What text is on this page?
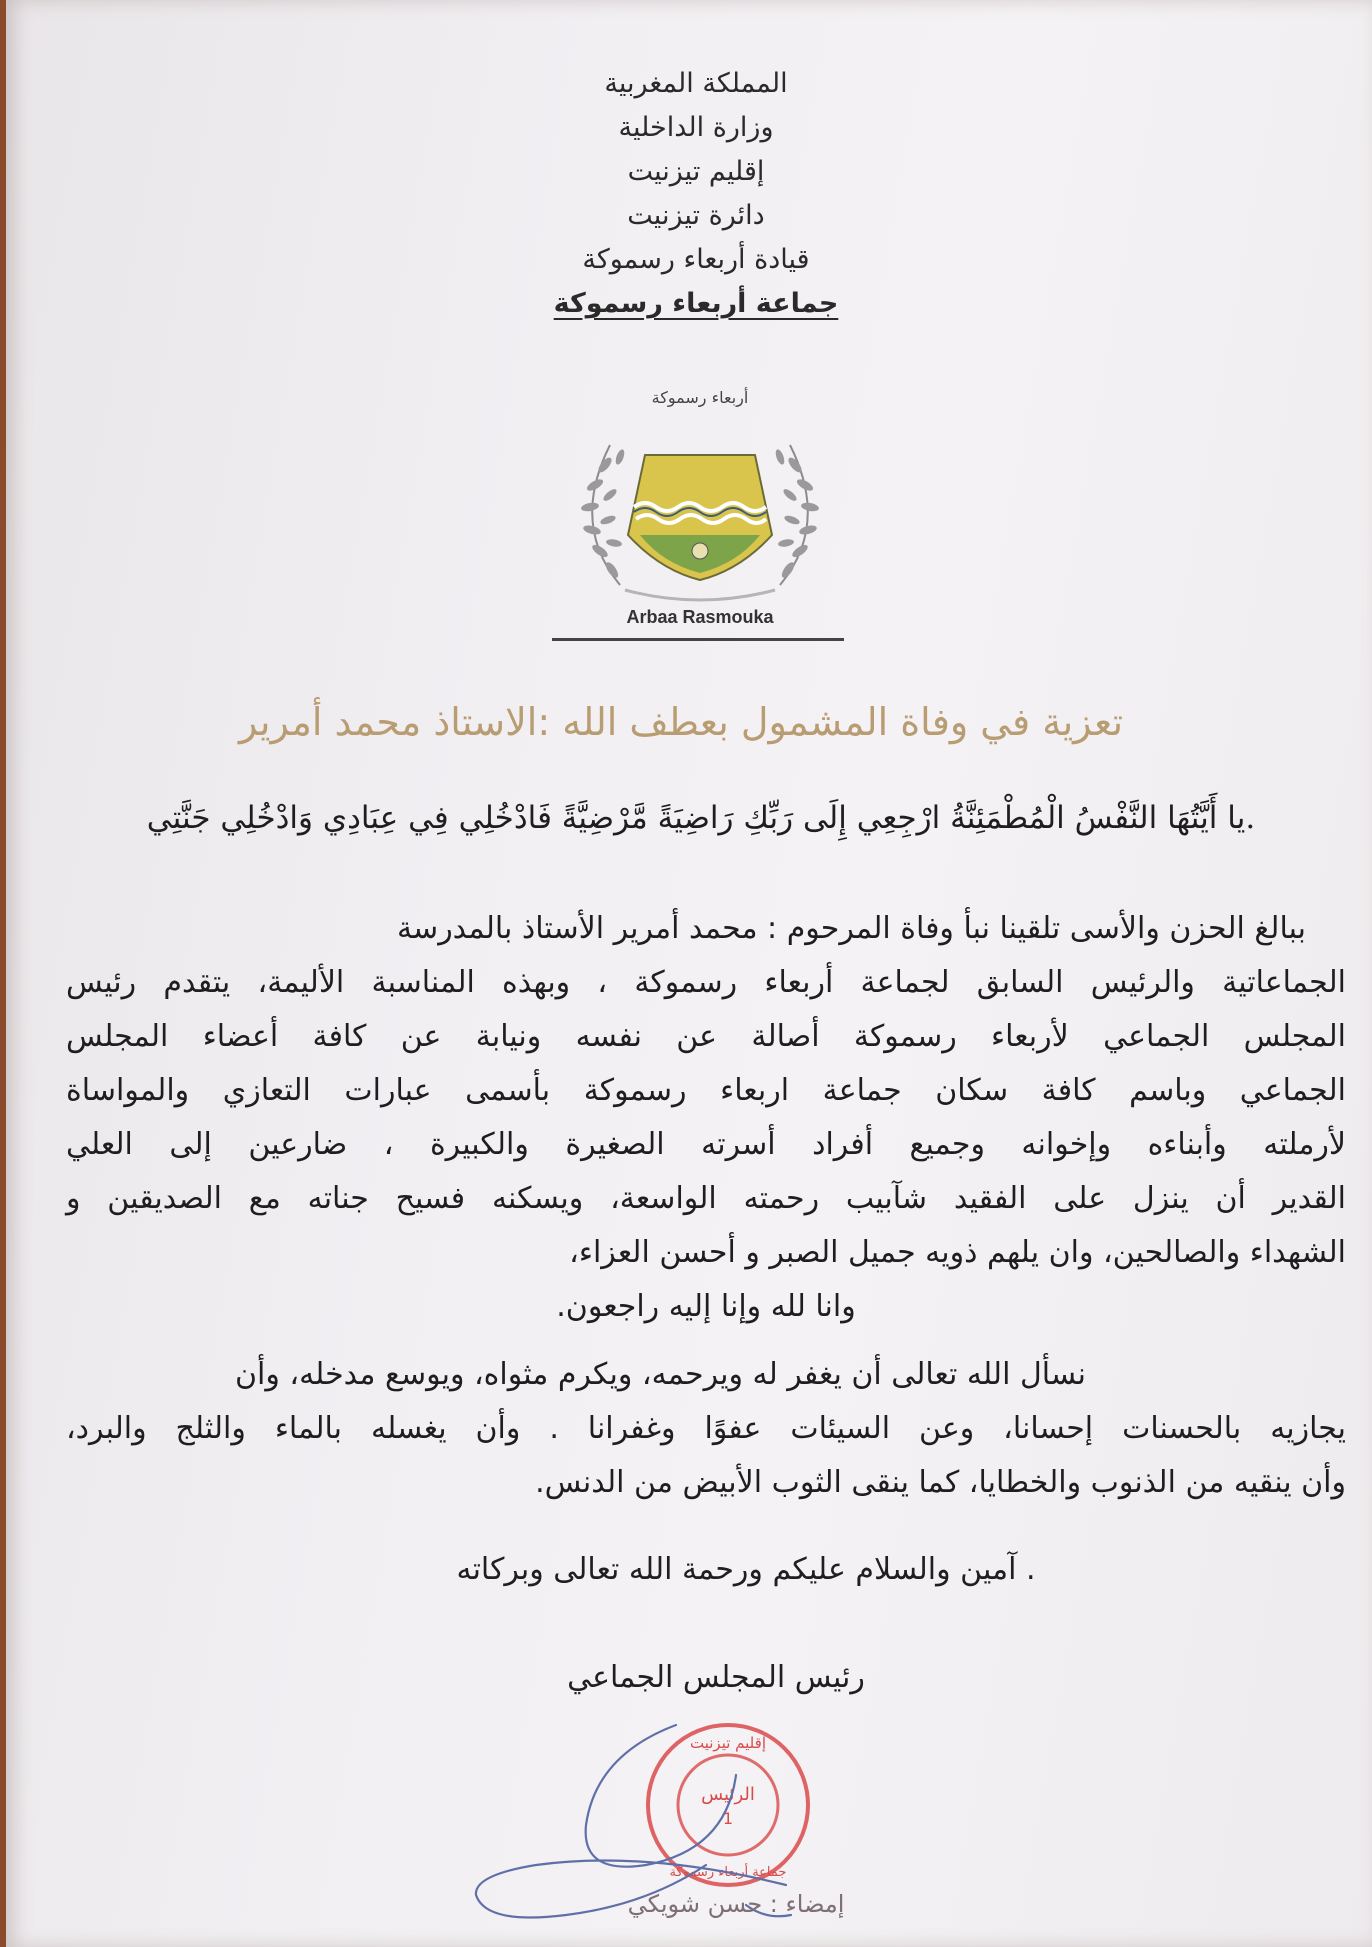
المملكة المغربية
وزارة الداخلية
إقليم تيزنيت
دائرة تيزنيت
قيادة أربعاء رسموكة
جماعة أربعاء رسموكة
أربعاء رسموكة
Arbaa Rasmouka
تعزية في وفاة المشمول بعطف الله :الاستاذ محمد أمرير
يا أَيَّتُهَا النَّفْسُ الْمُطْمَئِنَّةُ ارْجِعِي إِلَى رَبِّكِ رَاضِيَةً مَّرْضِيَّةً فَادْخُلِي فِي عِبَادِي وَادْخُلِي جَنَّتِي.
ببالغ الحزن والأسى تلقينا نبأ وفاة المرحوم : محمد أمرير الأستاذ بالمدرسة
الجماعاتية والرئيس السابق لجماعة أربعاء رسموكة ، وبهذه المناسبة الأليمة، يتقدم رئيس
المجلس الجماعي لأربعاء رسموكة أصالة عن نفسه ونيابة عن كافة أعضاء المجلس
الجماعي وباسم كافة سكان جماعة اربعاء رسموكة بأسمى عبارات التعازي والمواساة
لأرملته وأبناءه وإخوانه وجميع أفراد أسرته الصغيرة والكبيرة ، ضارعين إلى العلي
القدير أن ينزل على الفقيد شآبيب رحمته الواسعة، ويسكنه فسيح جناته مع الصديقين و
الشهداء والصالحين، وان يلهم ذويه جميل الصبر و أحسن العزاء،
وانا لله وإنا إليه راجعون.
نسأل الله تعالى أن يغفر له ويرحمه، ويكرم مثواه، ويوسع مدخله، وأن
يجازيه بالحسنات إحسانا، وعن السيئات عفوًا وغفرانا . وأن يغسله بالماء والثلج والبرد،
وأن ينقيه من الذنوب والخطايا، كما ينقى الثوب الأبيض من الدنس.
آمين والسلام عليكم ورحمة الله تعالى وبركاته .
رئيس المجلس الجماعي
الرئيس
1
إقليم تيزنيت
جماعة أربعاء رسموكة
إمضاء : حسن شويكي
